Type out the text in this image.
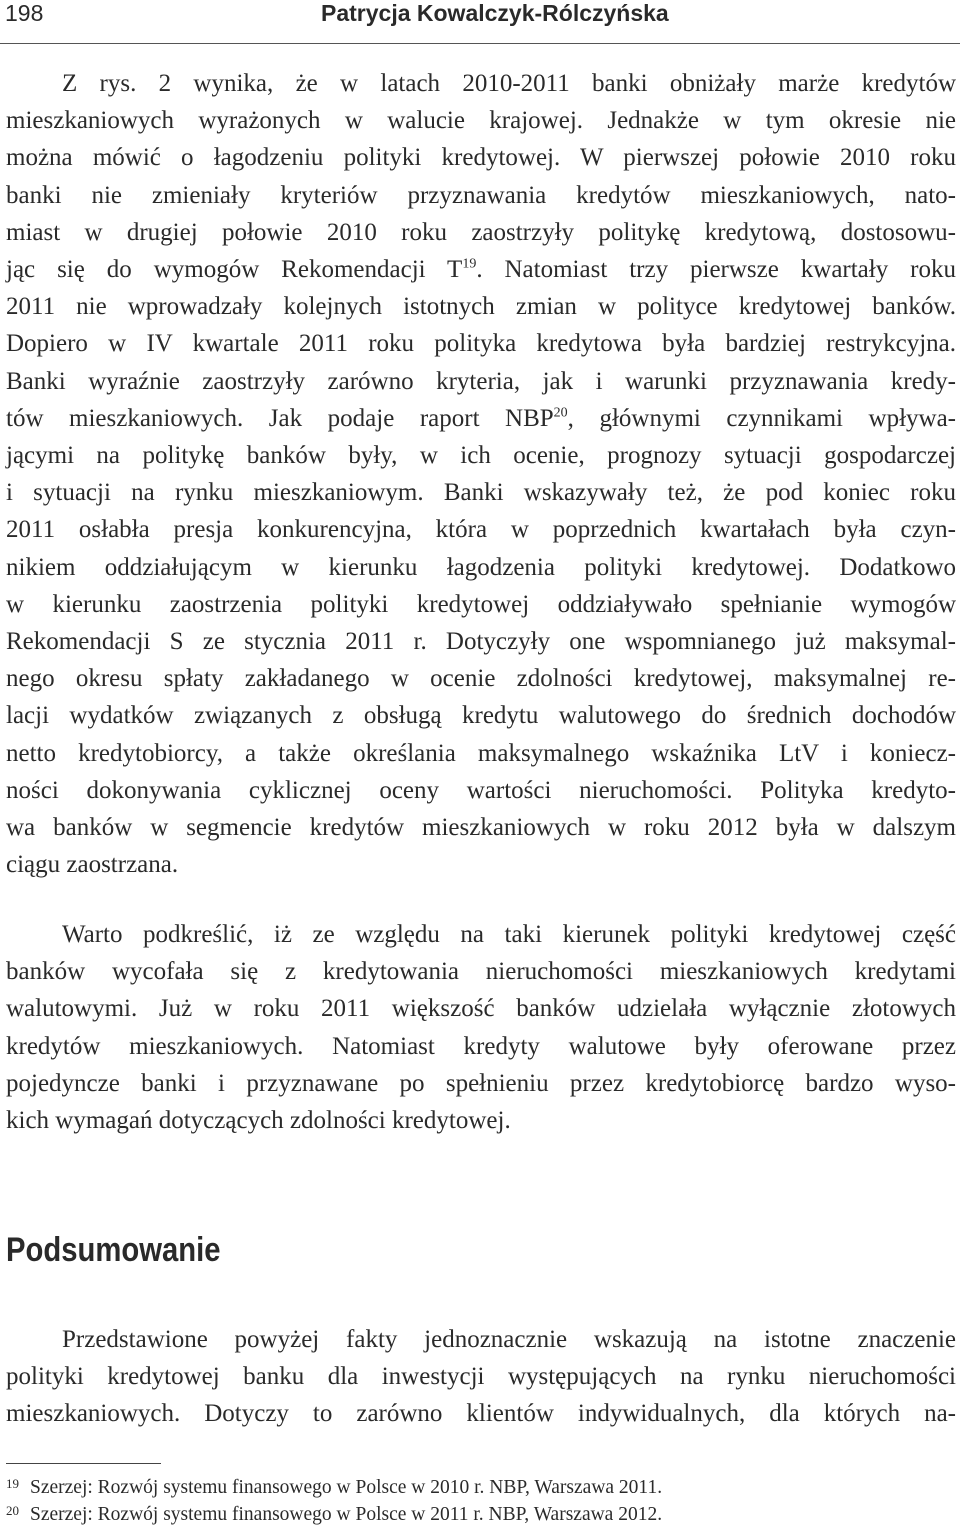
198	Patrycja Kowalczyk-Rólczyńska
Z rys. 2 wynika, że w latach 2010-2011 banki obniżały marże kredytów
mieszkaniowych wyrażonych w walucie krajowej. Jednakże w tym okresie nie
można mówić o łagodzeniu polityki kredytowej. W pierwszej połowie 2010 roku
banki nie zmieniały kryteriów przyznawania kredytów mieszkaniowych, nato-
miast w drugiej połowie 2010 roku zaostrzyły politykę kredytową, dostosowu-
jąc się do wymogów Rekomendacji $T^{19}$. Natomiast trzy pierwsze kwartały roku
2011 nie wprowadzały kolejnych istotnych zmian w polityce kredytowej banków.
Dopiero w IV kwartale 2011 roku polityka kredytowa była bardziej restrykcyjna.
Banki wyraźnie zaostrzyły zarówno kryteria, jak i warunki przyznawania kredy-
tów mieszkaniowych. Jak podaje raport NBP$^{20}$, głównymi czynnikami wpływa-
jącymi na politykę banków były, w ich ocenie, prognozy sytuacji gospodarczej
i sytuacji na rynku mieszkaniowym. Banki wskazywały też, że pod koniec roku
2011 osłabła presja konkurencyjna, która w poprzednich kwartałach była czyn-
nikiem oddziałującym w kierunku łagodzenia polityki kredytowej. Dodatkowo
w kierunku zaostrzenia polityki kredytowej oddziaływało spełnianie wymogów
Rekomendacji S ze stycznia 2011 r. Dotyczyły one wspomnianego już maksymal-
nego okresu spłaty zakładanego w ocenie zdolności kredytowej, maksymalnej re-
lacji wydatków związanych z obsługą kredytu walutowego do średnich dochodów
netto kredytobiorcy, a także określania maksymalnego wskaźnika LtV i koniecz-
ności dokonywania cyklicznej oceny wartości nieruchomości. Polityka kredyto-
wa banków w segmencie kredytów mieszkaniowych w roku 2012 była w dalszym
ciągu zaostrzana.
Warto podkreślić, iż ze względu na taki kierunek polityki kredytowej część
banków wycofała się z kredytowania nieruchomości mieszkaniowych kredytami
walutowymi. Już w roku 2011 większość banków udzielała wyłącznie złotowych
kredytów mieszkaniowych. Natomiast kredyty walutowe były oferowane przez
pojedyncze banki i przyznawane po spełnieniu przez kredytobiorcę bardzo wyso-
kich wymagań dotyczących zdolności kredytowej.
Podsumowanie
Przedstawione powyżej fakty jednoznacznie wskazują na istotne znaczenie
polityki kredytowej banku dla inwestycji występujących na rynku nieruchomości
mieszkaniowych. Dotyczy to zarówno klientów indywidualnych, dla których na-
19 Szerzej: Rozwój systemu finansowego w Polsce w 2010 r. NBP, Warszawa 2011.
20 Szerzej: Rozwój systemu finansowego w Polsce w 2011 r. NBP, Warszawa 2012.
